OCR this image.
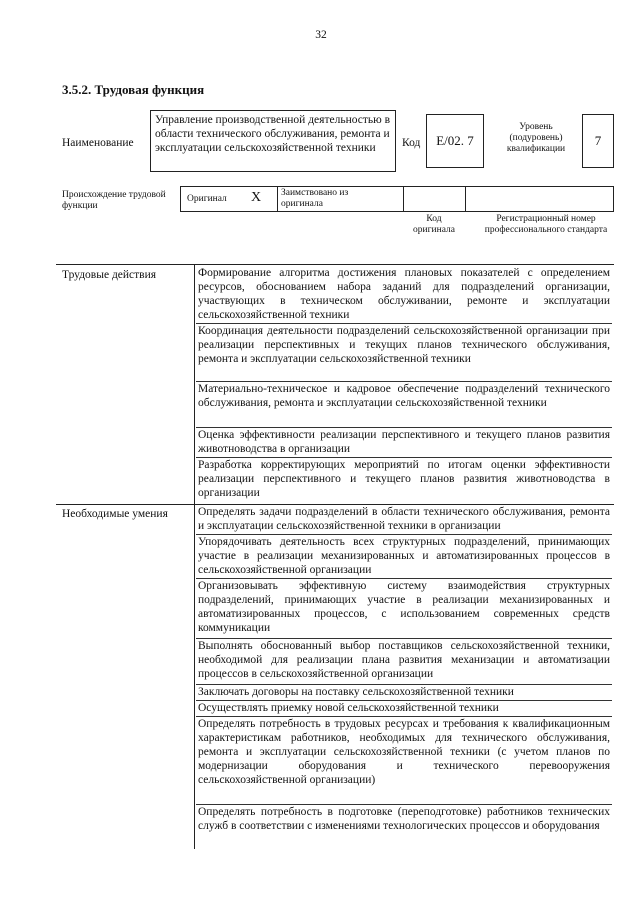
32
3.5.2. Трудовая функция
Наименование
Управление производственной деятельностью в области технического обслуживания, ремонта и эксплуатации сельскохозяйственной техники	Код E/02. 7
Уровень (подуровень) квалификации
7
Происхождение трудовой функции
Оригинал X Заимствовано из оригинала
Код оригинала
Регистрационный номер профессионального стандарта
Трудовые действия
Необходимые умения
Формирование алгоритма достижения плановых показателей с определением ресурсов, обоснованием набора заданий для подразделений организации, участвующих в техническом обслуживании, ремонте и эксплуатации сельскохозяйственной техники
Координация деятельности подразделений сельскохозяйственной организации при реализации перспективных и текущих планов технического обслуживания, ремонта и эксплуатации сельскохозяйственной техники
Материально-техническое и кадровое обеспечение подразделений технического обслуживания, ремонта и эксплуатации сельскохозяйственной техники
Оценка эффективности реализации перспективного и текущего планов развития животноводства в организации
Разработка корректирующих мероприятий по итогам оценки эффективности реализации перспективного и текущего планов развития животноводства в организации
Определять задачи подразделений в области технического обслуживания, ремонта и эксплуатации сельскохозяйственной техники в организации
Упорядочивать деятельность всех структурных подразделений, принимающих участие в реализации механизированных и автоматизированных процессов в сельскохозяйственной организации
Организовывать эффективную систему взаимодействия структурных подразделений, принимающих участие в реализации механизированных и автоматизированных процессов, с использованием современных средств коммуникации
Выполнять обоснованный выбор поставщиков сельскохозяйственной техники, необходимой для реализации плана развития механизации и автоматизации процессов в сельскохозяйственной организации
Заключать договоры на поставку сельскохозяйственной техники
Осуществлять приемку новой сельскохозяйственной техники
Определять потребность в трудовых ресурсах и требования к квалификационным характеристикам работников, необходимых для технического обслуживания, ремонта и эксплуатации сельскохозяйственной техники (с учетом планов по модернизации оборудования и технического перевооружения сельскохозяйственной организации)
Определять потребность в подготовке (переподготовке) работников технических служб в соответствии с изменениями технологических процессов и оборудования
